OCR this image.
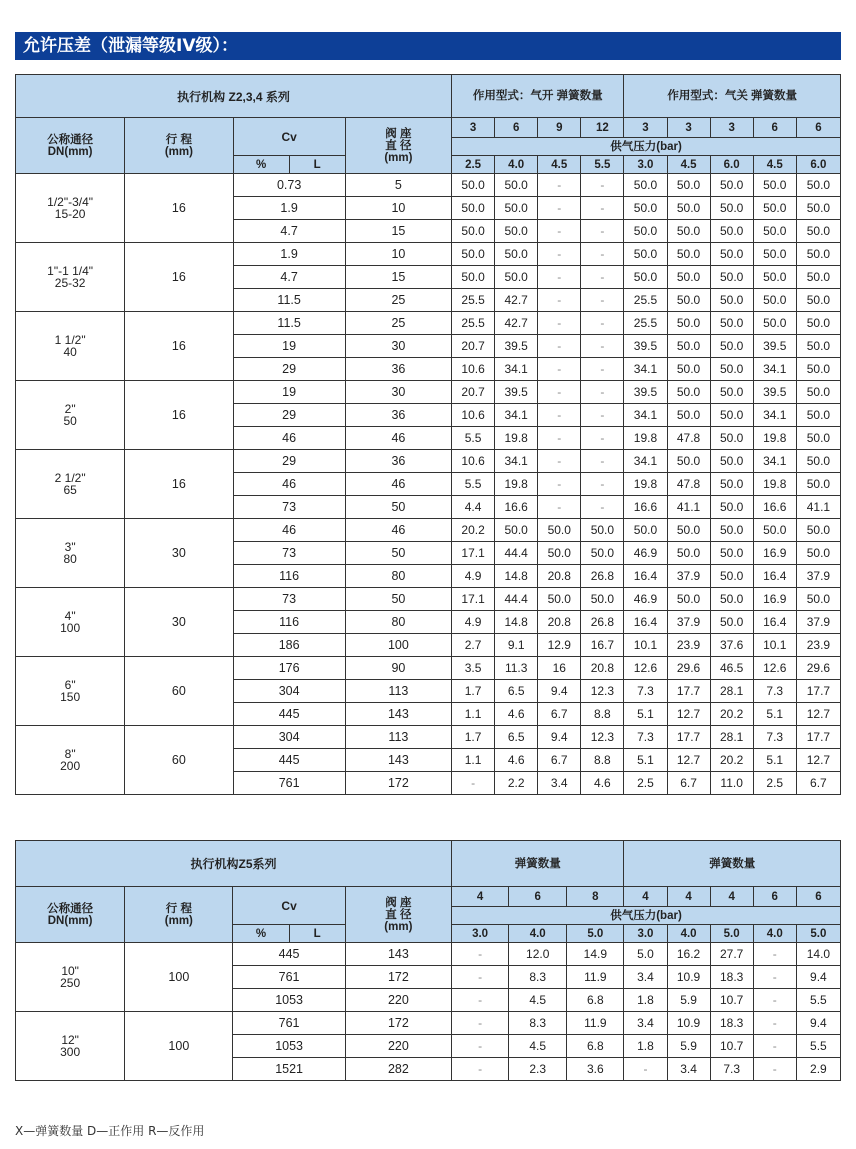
允许压差（泄漏等级IV级）：
执行机构 Z2,3,4 系列					作用型式：气开 弹簧数量				作用型式：气关 弹簧数量				
公称通径 DN(mm)	行 程 (mm)	Cv		阀 座 直 径 (mm)	3	6	9	12	3	3	3	6	6
					供气压力(bar)								
		%	L		2.5	4.0	4.5	5.5	3.0	4.5	6.0	4.5	6.0
1/2"-3/4"
15-20	16	0.73		5	50.0	50.0	-	-	50.0	50.0	50.0	50.0	50.0
		1.9		10	50.0	50.0	-	-	50.0	50.0	50.0	50.0	50.0
		4.7		15	50.0	50.0	-	-	50.0	50.0	50.0	50.0	50.0
1"-1 1/4"
25-32	16	1.9		10	50.0	50.0	-	-	50.0	50.0	50.0	50.0	50.0
		4.7		15	50.0	50.0	-	-	50.0	50.0	50.0	50.0	50.0
		11.5		25	25.5	42.7	-	-	25.5	50.0	50.0	50.0	50.0
1 1/2"
40	16	11.5		25	25.5	42.7	-	-	25.5	50.0	50.0	50.0	50.0
		19		30	20.7	39.5	-	-	39.5	50.0	50.0	39.5	50.0
		29		36	10.6	34.1	-	-	34.1	50.0	50.0	34.1	50.0
2"
50	16	19		30	20.7	39.5	-	-	39.5	50.0	50.0	39.5	50.0
		29		36	10.6	34.1	-	-	34.1	50.0	50.0	34.1	50.0
		46		46	5.5	19.8	-	-	19.8	47.8	50.0	19.8	50.0
2 1/2"
65	16	29		36	10.6	34.1	-	-	34.1	50.0	50.0	34.1	50.0
		46		46	5.5	19.8	-	-	19.8	47.8	50.0	19.8	50.0
		73		50	4.4	16.6	-	-	16.6	41.1	50.0	16.6	41.1
3"
80	30	46		46	20.2	50.0	50.0	50.0	50.0	50.0	50.0	50.0	50.0
		73		50	17.1	44.4	50.0	50.0	46.9	50.0	50.0	16.9	50.0
		116		80	4.9	14.8	20.8	26.8	16.4	37.9	50.0	16.4	37.9
4"
100	30	73		50	17.1	44.4	50.0	50.0	46.9	50.0	50.0	16.9	50.0
		116		80	4.9	14.8	20.8	26.8	16.4	37.9	50.0	16.4	37.9
		186		100	2.7	9.1	12.9	16.7	10.1	23.9	37.6	10.1	23.9
6"
150	60	176		90	3.5	11.3	16	20.8	12.6	29.6	46.5	12.6	29.6
		304		113	1.7	6.5	9.4	12.3	7.3	17.7	28.1	7.3	17.7
		445		143	1.1	4.6	6.7	8.8	5.1	12.7	20.2	5.1	12.7
8"
200	60	304		113	1.7	6.5	9.4	12.3	7.3	17.7	28.1	7.3	17.7
		445		143	1.1	4.6	6.7	8.8	5.1	12.7	20.2	5.1	12.7
		761		172	-	2.2	3.4	4.6	2.5	6.7	11.0	2.5	6.7
执行机构Z5系列					弹簧数量			弹簧数量				
公称通径 DN(mm)	行 程 (mm)	Cv		阀 座 直 径 (mm)	4	6	8	4	4	4	6	6
					供气压力(bar)							
		%	L		3.0	4.0	5.0	3.0	4.0	5.0	4.0	5.0
10"
250	100	445		143	-	12.0	14.9	5.0	16.2	27.7	-	14.0
		761		172	-	8.3	11.9	3.4	10.9	18.3	-	9.4
		1053		220	-	4.5	6.8	1.8	5.9	10.7	-	5.5
12"
300	100	761		172	-	8.3	11.9	3.4	10.9	18.3	-	9.4
		1053		220	-	4.5	6.8	1.8	5.9	10.7	-	5.5
		1521		282	-	2.3	3.6	-	3.4	7.3	-	2.9
X—弹簧数量 D—正作用 R—反作用
